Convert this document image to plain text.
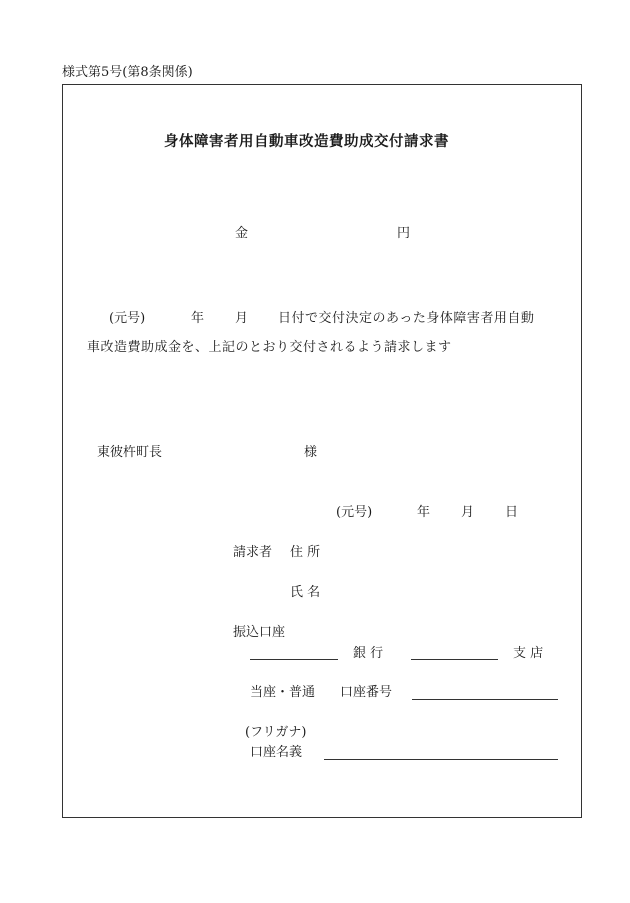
様式第5号(第8条関係)
身体障害者用自動車改造費助成交付請求書
金	円
(元号)	年 月 日付で交付決定のあった身体障害者用自動
車改造費助成金を、上記のとおり交付されるよう請求します
東彼杵町長	様
(元号)	年 月 日
請求者 住 所
氏 名
振込口座
銀 行	支 店
当座・普通 口座番号
(フリガナ)
口座名義
